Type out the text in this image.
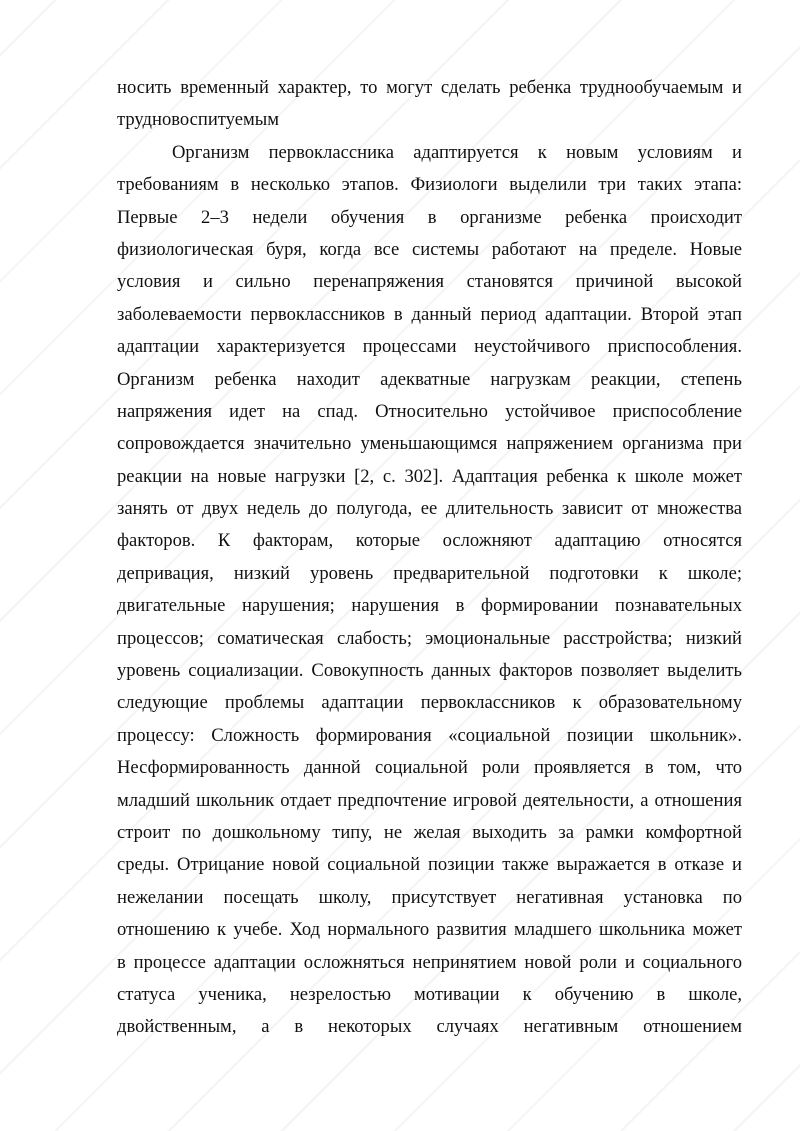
носить временный характер, то могут сделать ребенка труднообучаемым и
трудновоспитуемым
Организм первоклассника адаптируется к новым условиям и
требованиям в несколько этапов. Физиологи выделили три таких этапа:
Первые 2–3 недели обучения в организме ребенка происходит
физиологическая буря, когда все системы работают на пределе. Новые
условия и сильно перенапряжения становятся причиной высокой
заболеваемости первоклассников в данный период адаптации. Второй этап
адаптации характеризуется процессами неустойчивого приспособления.
Организм ребенка находит адекватные нагрузкам реакции, степень
напряжения идет на спад. Относительно устойчивое приспособление
сопровождается значительно уменьшающимся напряжением организма при
реакции на новые нагрузки [2, с. 302]. Адаптация ребенка к школе может
занять от двух недель до полугода, ее длительность зависит от множества
факторов. К факторам, которые осложняют адаптацию относятся
депривация, низкий уровень предварительной подготовки к школе;
двигательные нарушения; нарушения в формировании познавательных
процессов; соматическая слабость; эмоциональные расстройства; низкий
уровень социализации. Совокупность данных факторов позволяет выделить
следующие проблемы адаптации первоклассников к образовательному
процессу: Сложность формирования «социальной позиции школьник».
Несформированность данной социальной роли проявляется в том, что
младший школьник отдает предпочтение игровой деятельности, а отношения
строит по дошкольному типу, не желая выходить за рамки комфортной
среды. Отрицание новой социальной позиции также выражается в отказе и
нежелании посещать школу, присутствует негативная установка по
отношению к учебе. Ход нормального развития младшего школьника может
в процессе адаптации осложняться непринятием новой роли и социального
статуса ученика, незрелостью мотивации к обучению в школе,
двойственным, а в некоторых случаях негативным отношением
